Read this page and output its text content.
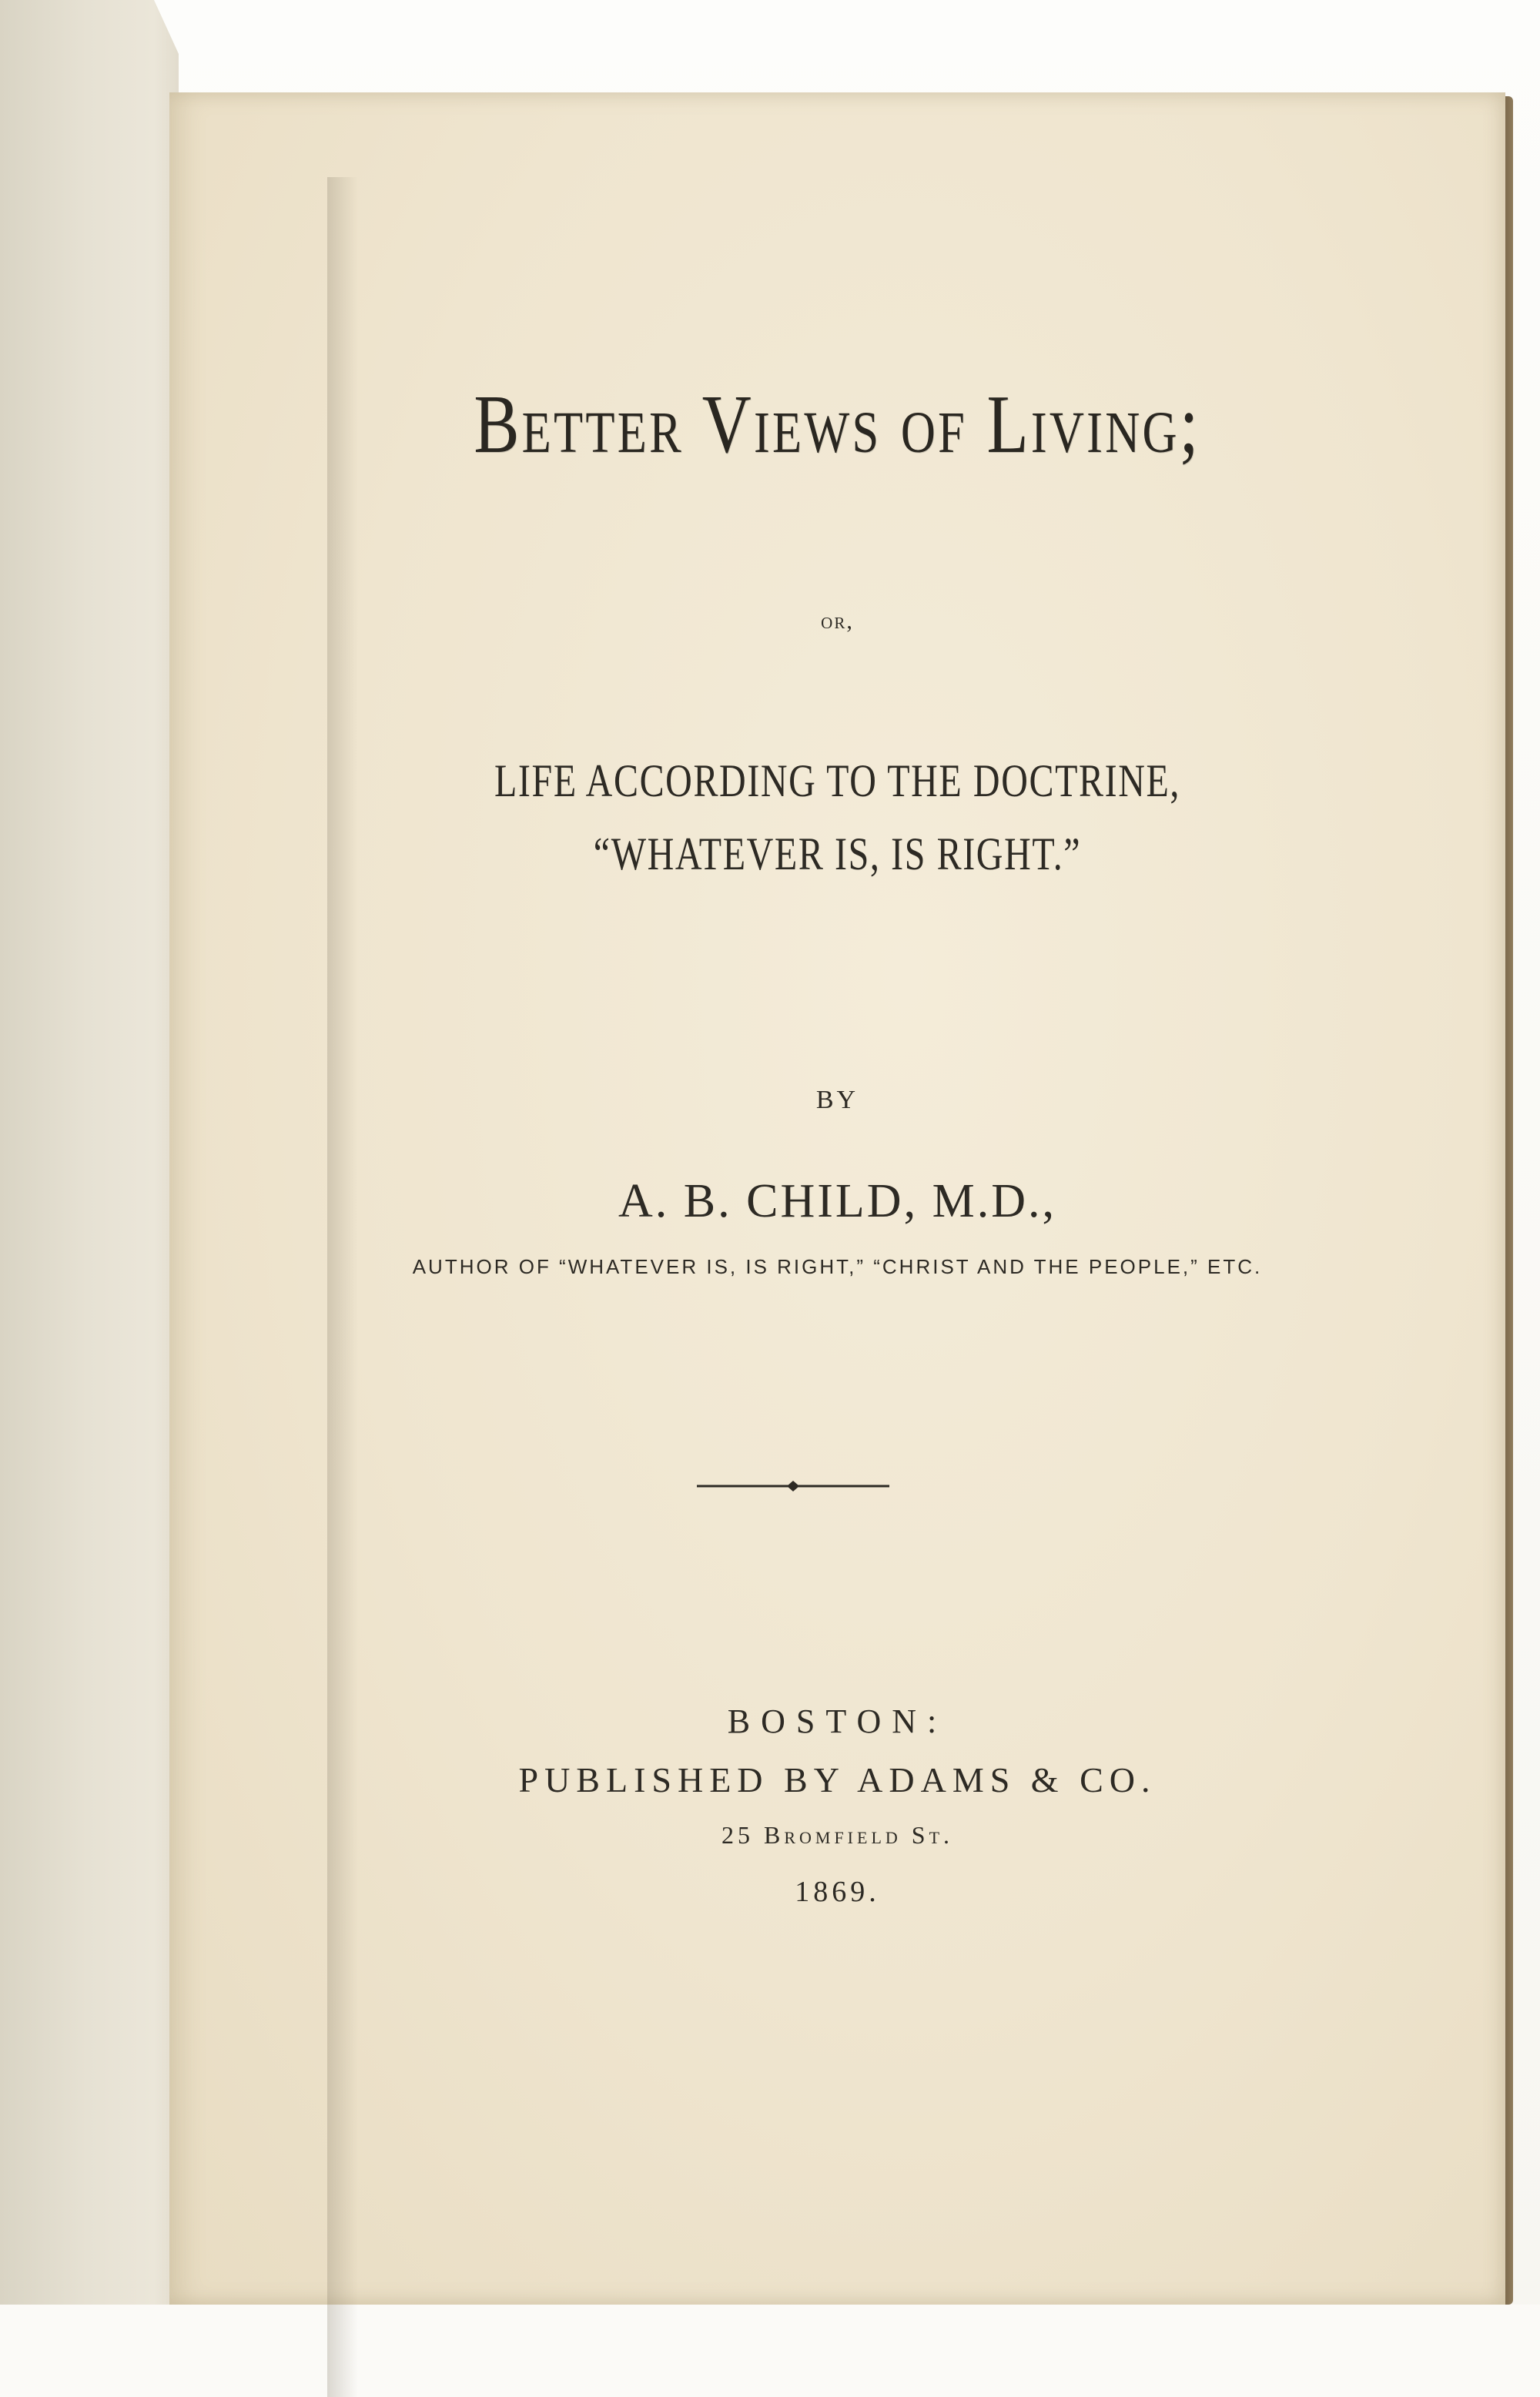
Better Views of Living;
or,
LIFE ACCORDING TO THE DOCTRINE,
“WHATEVER IS, IS RIGHT.”
BY
A. B. CHILD, M.D.,
AUTHOR OF “WHATEVER IS, IS RIGHT,” “CHRIST AND THE PEOPLE,” ETC.
BOSTON:
PUBLISHED BY ADAMS & CO.
25 Bromfield St.
1869.
